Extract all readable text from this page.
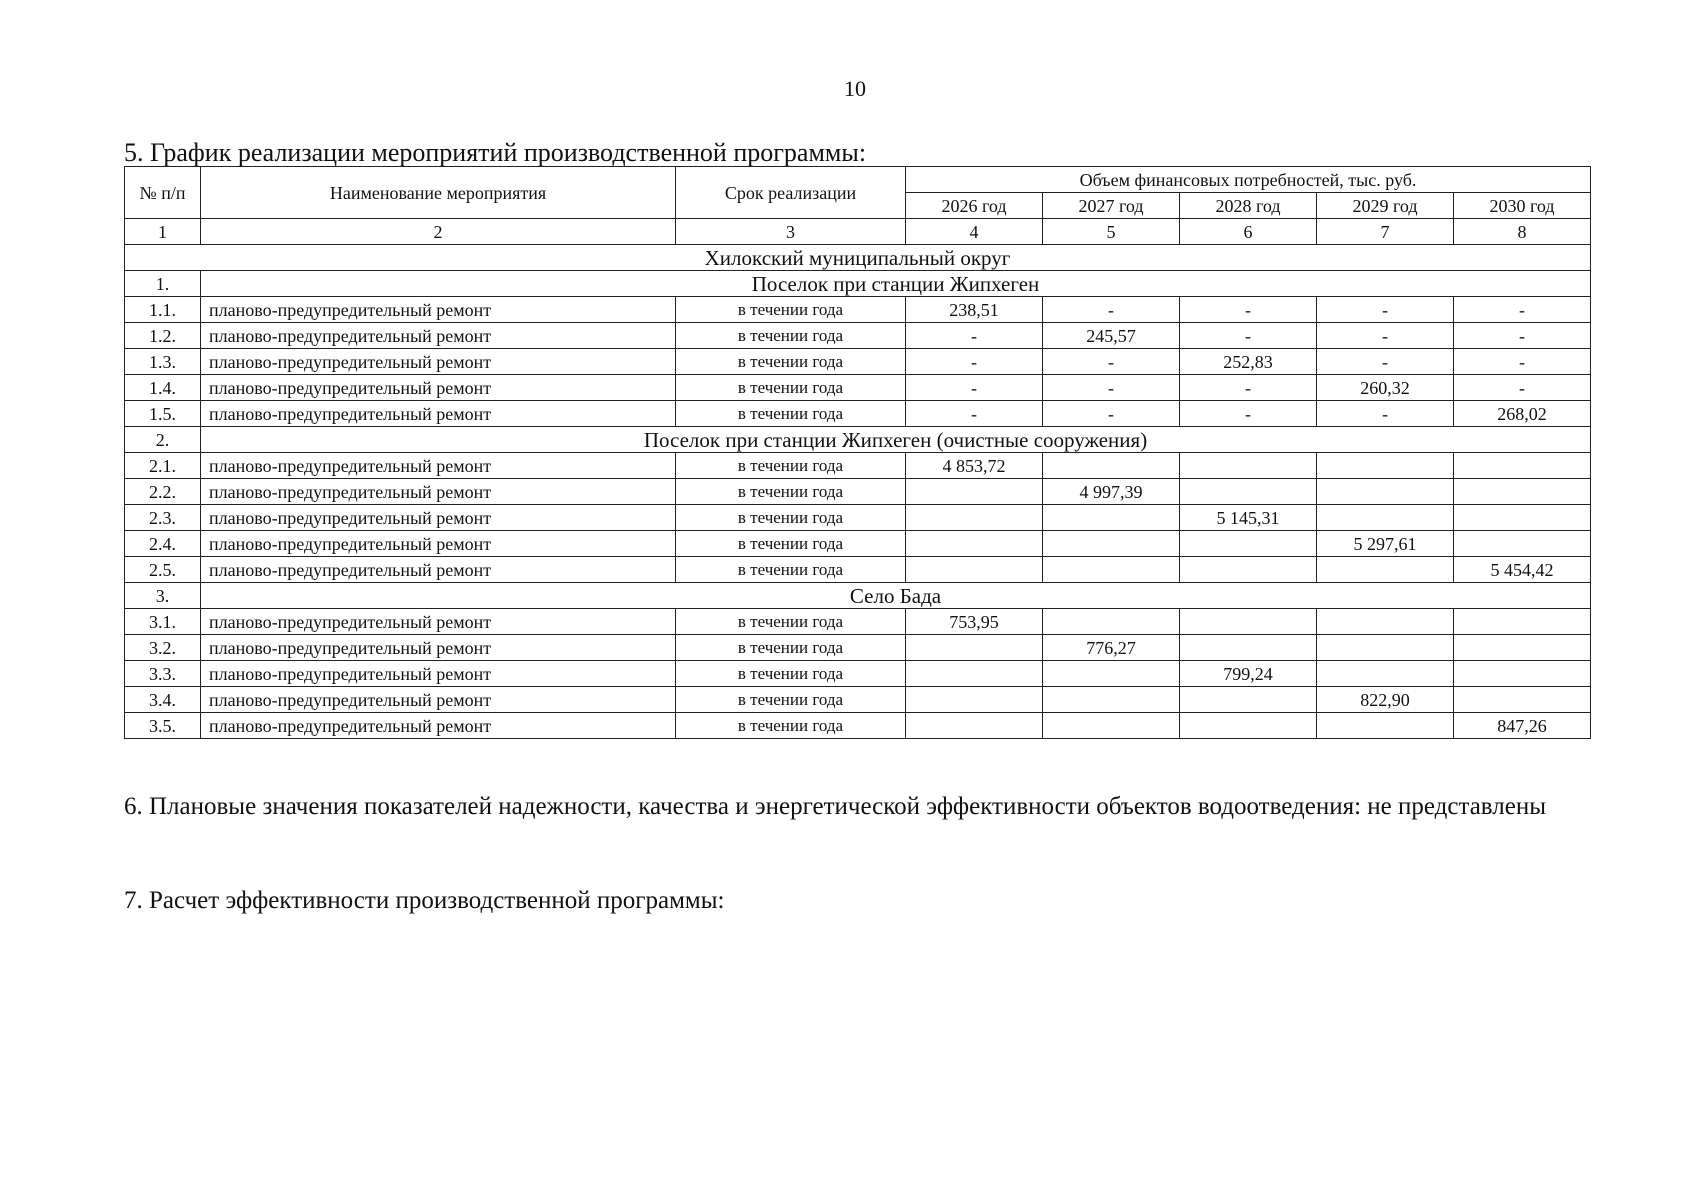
10
5. График реализации мероприятий производственной программы:
№ п/п	Наименование мероприятия	Срок реализации	Объем финансовых потребностей, тыс. руб.				
			2026 год	2027 год	2028 год	2029 год	2030 год
1	2	3	4	5	6	7	8
Хилокский муниципальный округ							
1.	Поселок при станции Жипхеген						
1.1.	планово-предупредительный ремонт	в течении года	238,51	-	-	-	-
1.2.	планово-предупредительный ремонт	в течении года	-	245,57	-	-	-
1.3.	планово-предупредительный ремонт	в течении года	-	-	252,83	-	-
1.4.	планово-предупредительный ремонт	в течении года	-	-	-	260,32	-
1.5.	планово-предупредительный ремонт	в течении года	-	-	-	-	268,02
2.	Поселок при станции Жипхеген (очистные сооружения)						
2.1.	планово-предупредительный ремонт	в течении года	4 853,72				
2.2.	планово-предупредительный ремонт	в течении года		4 997,39			
2.3.	планово-предупредительный ремонт	в течении года			5 145,31		
2.4.	планово-предупредительный ремонт	в течении года				5 297,61	
2.5.	планово-предупредительный ремонт	в течении года					5 454,42
3.	Село Бада						
3.1.	планово-предупредительный ремонт	в течении года	753,95				
3.2.	планово-предупредительный ремонт	в течении года		776,27			
3.3.	планово-предупредительный ремонт	в течении года			799,24		
3.4.	планово-предупредительный ремонт	в течении года				822,90	
3.5.	планово-предупредительный ремонт	в течении года					847,26
6. Плановые значения показателей надежности, качества и энергетической эффективности объектов водоотведения: не представлены
7. Расчет эффективности производственной программы:
